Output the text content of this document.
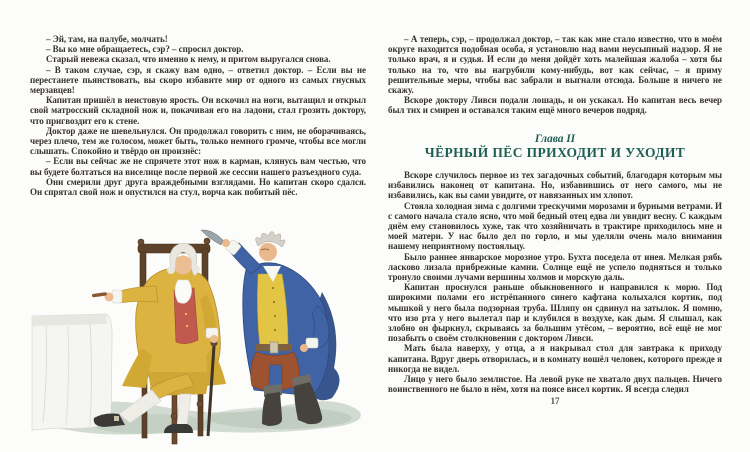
– Эй, там, на палубе, молчать!

– Вы ко мне обращаетесь, сэр? – спросил доктор.

Старый невежа сказал, что именно к нему, и притом выругался снова.

– В таком случае, сэр, я скажу вам одно, – ответил доктор. – Если вы не перестанете пьянствовать, вы скоро избавите мир от одного из самых гнусных мерзавцев!

Капитан пришёл в неистовую ярость. Он вскочил на ноги, вытащил и открыл свой матросский складной нож и, покачивая его на ладони, стал грозить доктору, что пригвоздит его к стене.

Доктор даже не шевельнулся. Он продолжал говорить с ним, не оборачиваясь, через плечо, тем же голосом, может быть, только немного громче, чтобы все могли слышать. Спокойно и твёрдо он произнёс:

– Если вы сейчас же не спрячете этот нож в карман, клянусь вам честью, что вы будете болтаться на виселице после первой же сессии нашего разъездного суда.

Они смерили друг друга враждебными взглядами. Но капитан скоро сдался. Он спрятал свой нож и опустился на стул, ворча как побитый пёс.

– А теперь, сэр, – продолжал доктор, – так как мне стало известно, что в моём округе находится подобная особа, я установлю над вами неусыпный надзор. Я не только врач, я и судья. И если до меня дойдёт хоть малейшая жалоба – хотя бы только на то, что вы нагрубили кому-нибудь, вот как сейчас, – я приму решительные меры, чтобы вас забрали и выгнали отсюда. Больше я ничего не скажу.

Вскоре доктору Ливси подали лошадь, и он ускакал. Но капитан весь вечер был тих и смирен и оставался таким ещё много вечеров подряд.

Глава II
ЧЁРНЫЙ ПЁС ПРИХОДИТ И УХОДИТ

Вскоре случилось первое из тех загадочных событий, благодаря которым мы избавились наконец от капитана. Но, избавившись от него самого, мы не избавились, как вы сами увидите, от навязанных им хлопот.

Стояла холодная зима с долгими трескучими морозами и бурными ветрами. И с самого начала стало ясно, что мой бедный отец едва ли увидит весну. С каждым днём ему становилось хуже, так что хозяйничать в трактире приходилось мне и моей матери. У нас было дел по горло, и мы уделяли очень мало внимания нашему неприятному постояльцу.

Было раннее январское морозное утро. Бухта поседела от инея. Мелкая рябь ласково лизала прибрежные камни. Солнце ещё не успело подняться и только тронуло своими лучами вершины холмов и морскую даль.

Капитан проснулся раньше обыкновенного и направился к морю. Под широкими полами его истрёпанного синего кафтана колыхался кортик, под мышкой у него была подзорная труба. Шляпу он сдвинул на затылок. Я помню, что изо рта у него вылетал пар и клубился в воздухе, как дым. Я слышал, как злобно он фыркнул, скрываясь за большим утёсом, – вероятно, всё ещё не мог позабыть о своём столкновении с доктором Ливси.

Мать была наверху, у отца, а я накрывал стол для завтрака к приходу капитана. Вдруг дверь отворилась, и в комнату вошёл человек, которого прежде я никогда не видел.

Лицо у него было землистое. На левой руке не хватало двух пальцев. Ничего воинственного не было в нём, хотя на поясе висел кортик. Я всегда следил

17
